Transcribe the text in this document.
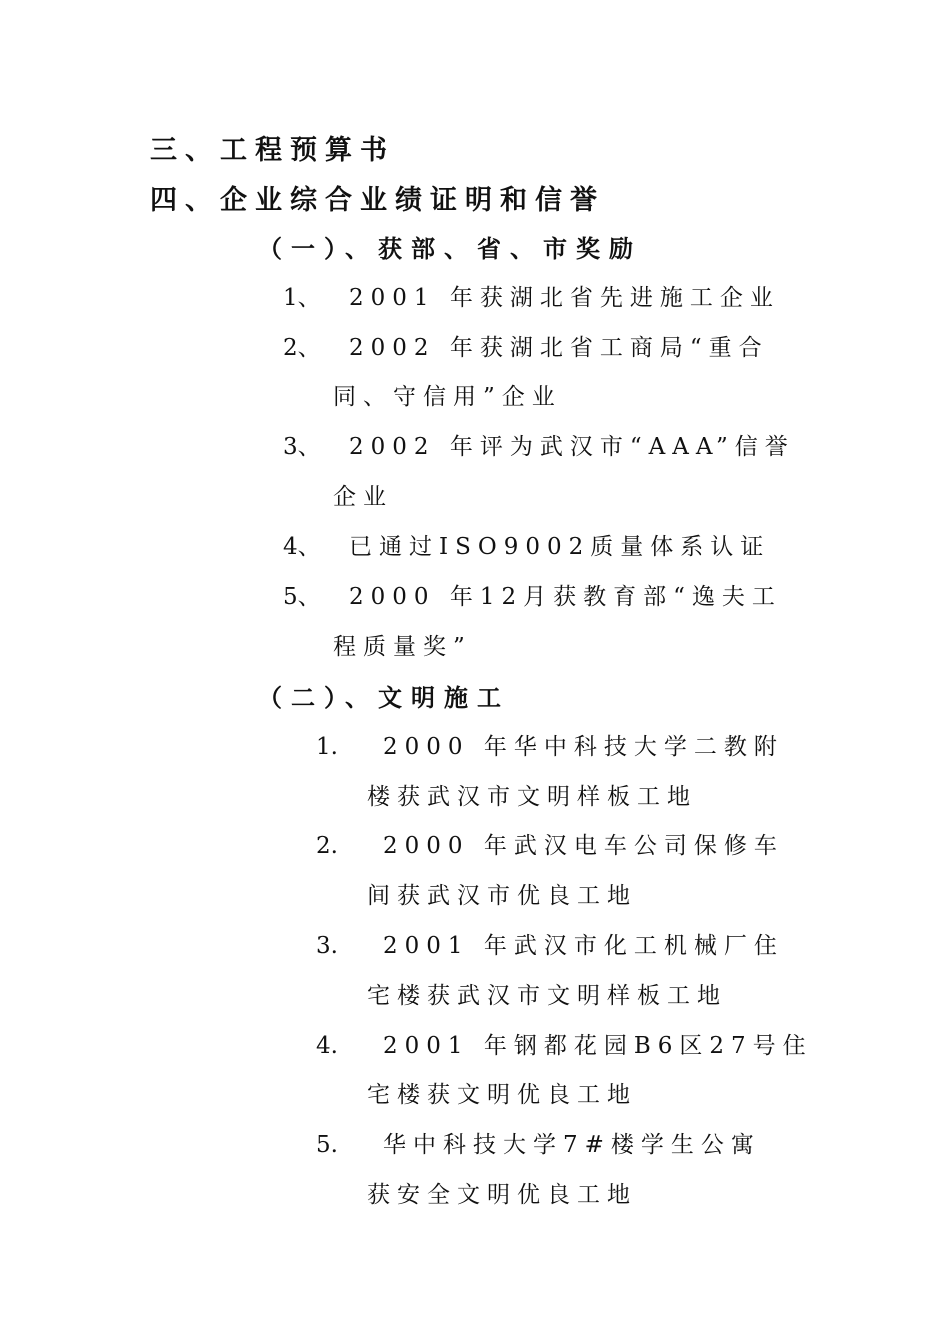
三、工程预算书
四、企业综合业绩证明和信誉
（一）、获部、省、市奖励
1、 2001 年获湖北省先进施工企业
2、 2002 年获湖北省工商局“重合
同、守信用”企业
3、 2002 年评为武汉市“AAA”信誉
企业
4、 已通过ISO9002质量体系认证
5、 2000 年12月获教育部“逸夫工
程质量奖”
（二）、文明施工
1. 2000 年华中科技大学二教附
楼获武汉市文明样板工地
2. 2000 年武汉电车公司保修车
间获武汉市优良工地
3. 2001 年武汉市化工机械厂住
宅楼获武汉市文明样板工地
4. 2001 年钢都花园B6区27号住
宅楼获文明优良工地
5. 华中科技大学7#楼学生公寓
获安全文明优良工地
